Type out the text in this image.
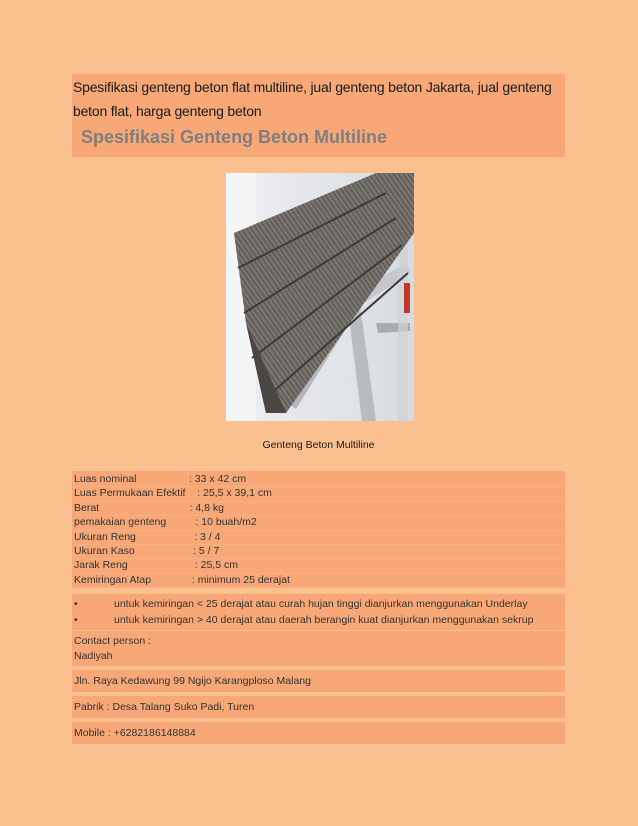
Spesifikasi genteng beton flat multiline, jual genteng beton Jakarta, jual genteng beton flat, harga genteng beton

Spesifikasi Genteng Beton Multiline

Genteng Beton Multiline
Luas nominal : 33 x 42 cm
Luas Permukaan Efektif : 25,5 x 39,1 cm
Berat : 4,8 kg
pemakaian genteng : 10 buah/m2
Ukuran Reng : 3 / 4
Ukuran Kaso : 5 / 7
Jarak Reng : 25,5 cm
Kemiringan Atap : minimum 25 derajat
•	untuk kemiringan < 25 derajat atau curah hujan tinggi dianjurkan menggunakan Underlay
•	untuk kemiringan > 40 derajat atau daerah berangin kuat dianjurkan menggunakan sekrup
Contact person :
Nadiyah
Jln. Raya Kedawung 99 Ngijo Karangploso Malang
Pabrik : Desa Talang Suko Padi, Turen
Mobile : +6282186148884
